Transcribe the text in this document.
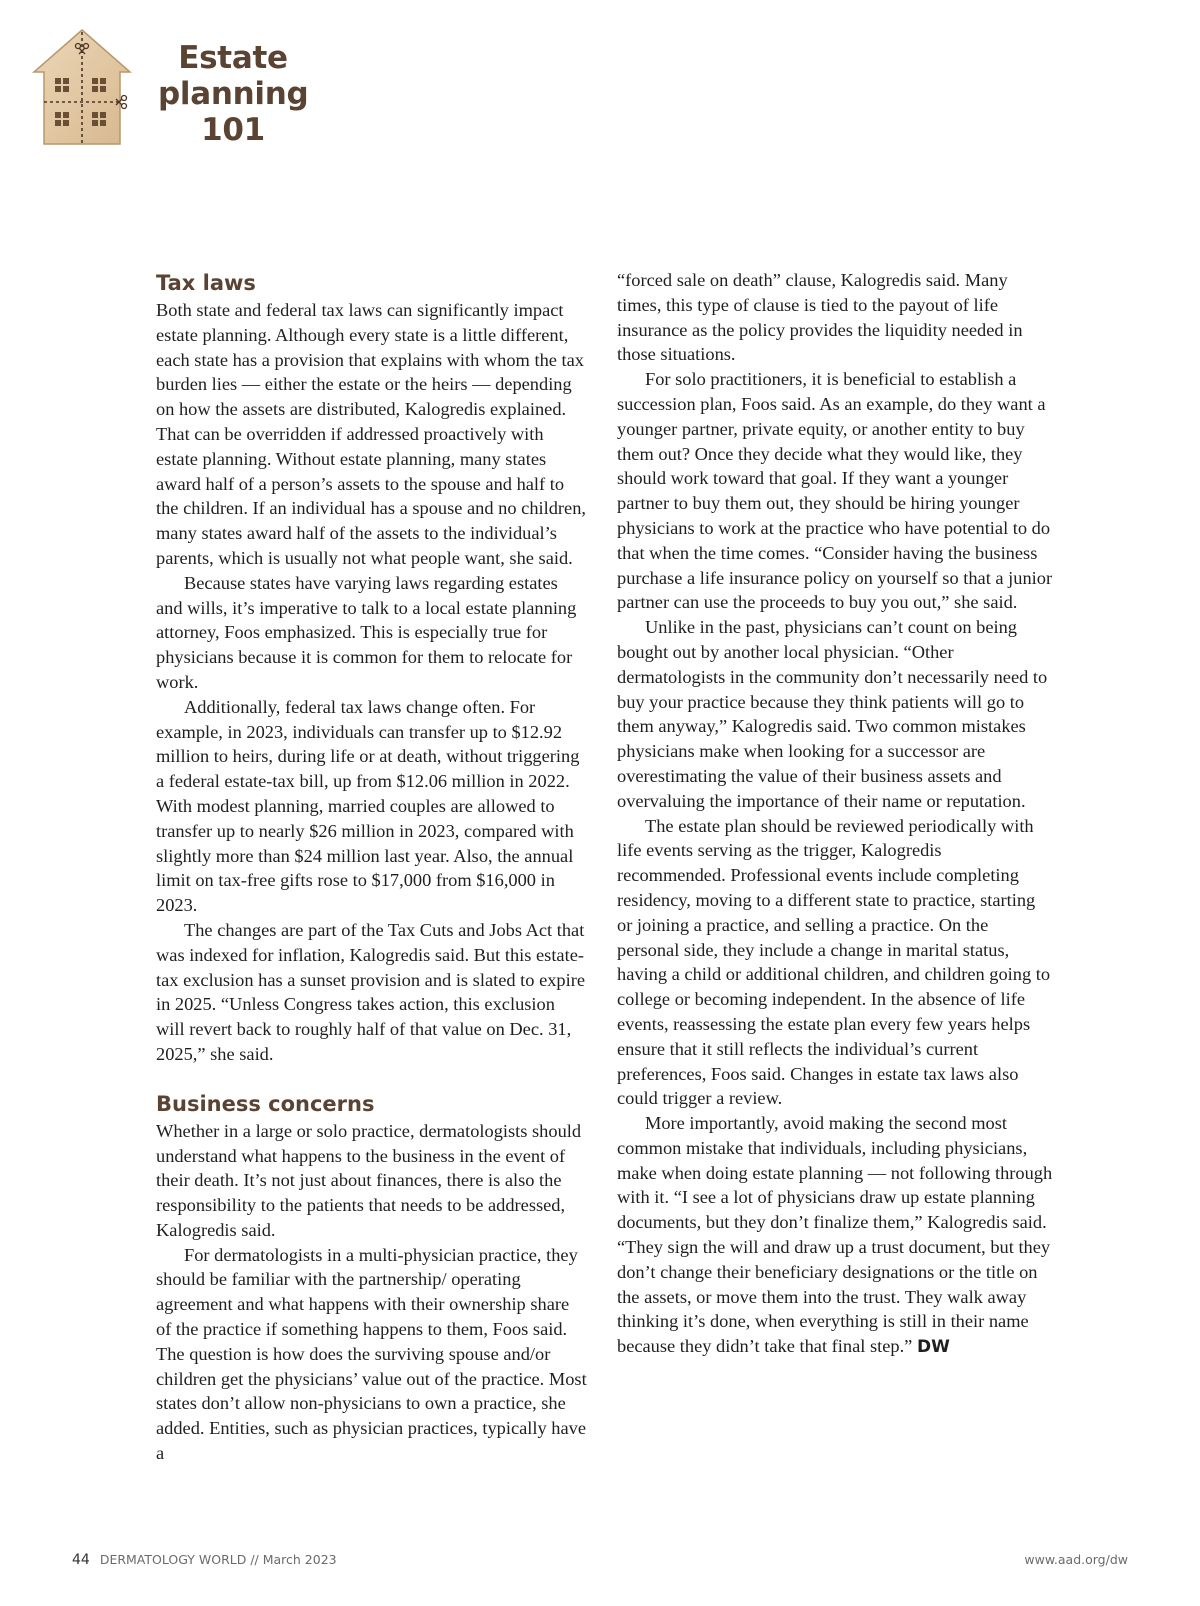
Estate
planning
101
Tax laws

Both state and federal tax laws can significantly impact estate planning. Although every state is a little different, each state has a provision that explains with whom the tax burden lies — either the estate or the heirs — depending on how the assets are distributed, Kalogredis explained. That can be overridden if addressed proactively with estate planning. Without estate planning, many states award half of a person’s assets to the spouse and half to the children. If an individual has a spouse and no children, many states award half of the assets to the individual’s parents, which is usually not what people want, she said.

Because states have varying laws regarding estates and wills, it’s imperative to talk to a local estate planning attorney, Foos emphasized. This is especially true for physicians because it is common for them to relocate for work.

Additionally, federal tax laws change often. For example, in 2023, individuals can transfer up to $12.92 million to heirs, during life or at death, without triggering a federal estate-tax bill, up from $12.06 million in 2022. With modest planning, married couples are allowed to transfer up to nearly $26 million in 2023, compared with slightly more than $24 million last year. Also, the annual limit on tax-free gifts rose to $17,000 from $16,000 in 2023.

The changes are part of the Tax Cuts and Jobs Act that was indexed for inflation, Kalogredis said. But this estate-tax exclusion has a sunset provision and is slated to expire in 2025. “Unless Congress takes action, this exclusion will revert back to roughly half of that value on Dec. 31, 2025,” she said.

Business concerns

Whether in a large or solo practice, dermatologists should understand what happens to the business in the event of their death. It’s not just about finances, there is also the responsibility to the patients that needs to be addressed, Kalogredis said.

For dermatologists in a multi-physician practice, they should be familiar with the partnership/ operating agreement and what happens with their ownership share of the practice if something happens to them, Foos said. The question is how does the surviving spouse and/or children get the physicians’ value out of the practice. Most states don’t allow non-physicians to own a practice, she added. Entities, such as physician practices, typically have a

“forced sale on death” clause, Kalogredis said. Many times, this type of clause is tied to the payout of life insurance as the policy provides the liquidity needed in those situations.

For solo practitioners, it is beneficial to establish a succession plan, Foos said. As an example, do they want a younger partner, private equity, or another entity to buy them out? Once they decide what they would like, they should work toward that goal. If they want a younger partner to buy them out, they should be hiring younger physicians to work at the practice who have potential to do that when the time comes. “Consider having the business purchase a life insurance policy on yourself so that a junior partner can use the proceeds to buy you out,” she said.

Unlike in the past, physicians can’t count on being bought out by another local physician. “Other dermatologists in the community don’t necessarily need to buy your practice because they think patients will go to them anyway,” Kalogredis said. Two common mistakes physicians make when looking for a successor are overestimating the value of their business assets and overvaluing the importance of their name or reputation.

The estate plan should be reviewed periodically with life events serving as the trigger, Kalogredis recommended. Professional events include completing residency, moving to a different state to practice, starting or joining a practice, and selling a practice. On the personal side, they include a change in marital status, having a child or additional children, and children going to college or becoming independent. In the absence of life events, reassessing the estate plan every few years helps ensure that it still reflects the individual’s current preferences, Foos said. Changes in estate tax laws also could trigger a review.

More importantly, avoid making the second most common mistake that individuals, including physicians, make when doing estate planning — not following through with it. “I see a lot of physicians draw up estate planning documents, but they don’t finalize them,” Kalogredis said. “They sign the will and draw up a trust document, but they don’t change their beneficiary designations or the title on the assets, or move them into the trust. They walk away thinking it’s done, when everything is still in their name because they didn’t take that final step.” DW

44 DERMATOLOGY WORLD // March 2023	www.aad.org/dw
